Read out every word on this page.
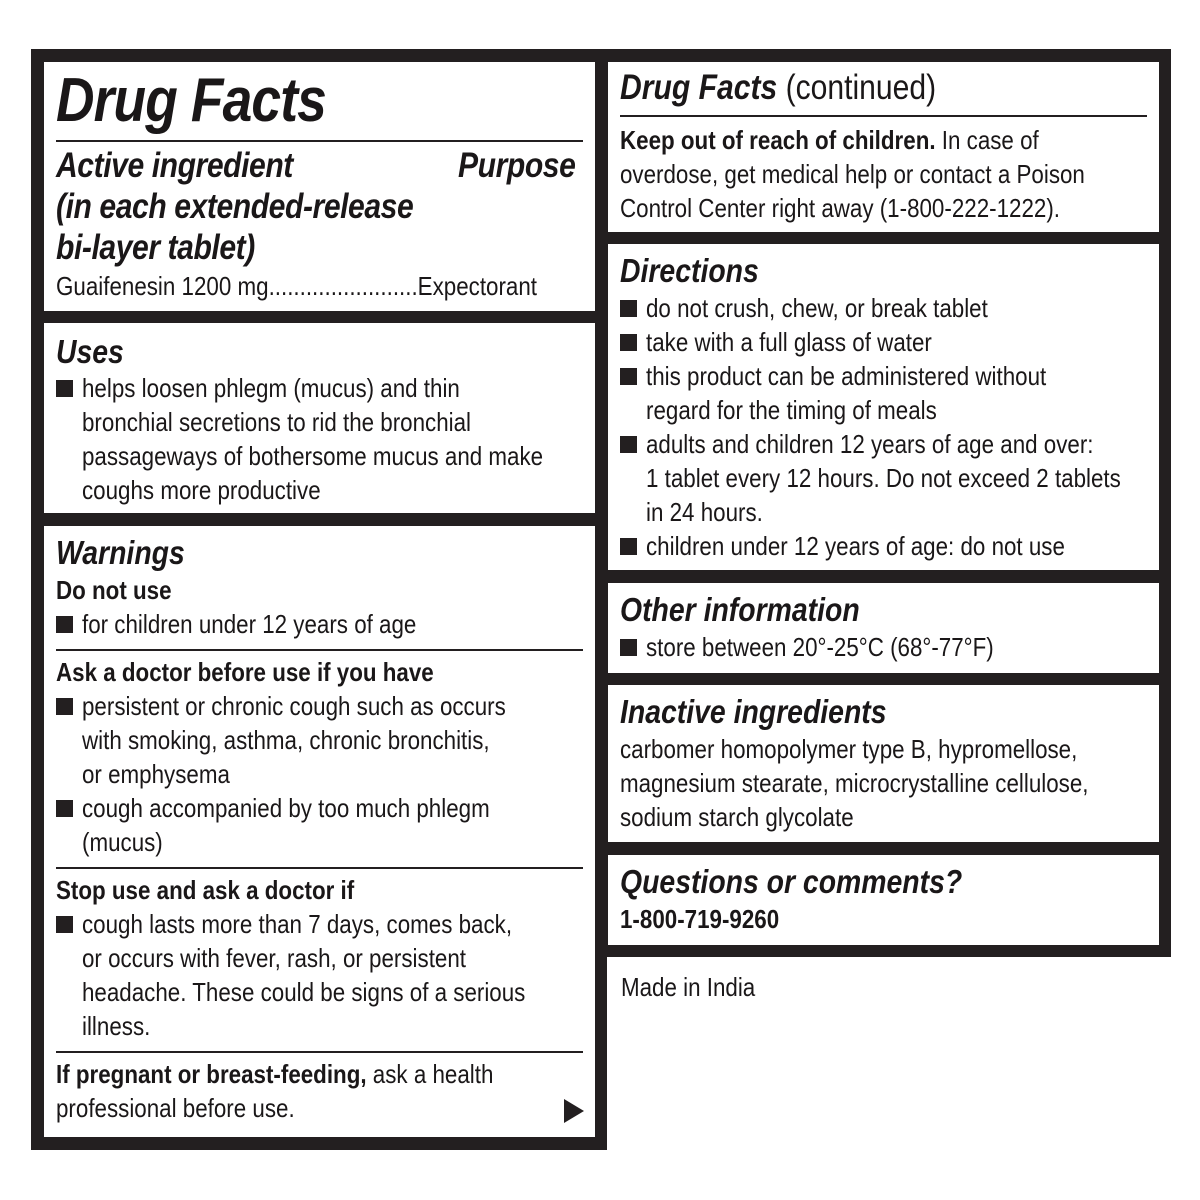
Drug Facts
Active ingredient	Purpose
(in each extended-release
bi-layer tablet)
Guaifenesin 1200 mg........................Expectorant
Uses
helps loosen phlegm (mucus) and thin
bronchial secretions to rid the bronchial
passageways of bothersome mucus and make
coughs more productive
Warnings
Do not use
for children under 12 years of age
Ask a doctor before use if you have
persistent or chronic cough such as occurs
with smoking, asthma, chronic bronchitis,
or emphysema
cough accompanied by too much phlegm
(mucus)
Stop use and ask a doctor if
cough lasts more than 7 days, comes back,
or occurs with fever, rash, or persistent
headache. These could be signs of a serious
illness.
If pregnant or breast-feeding, ask a health
professional before use.
Drug Facts (continued)
Keep out of reach of children. In case of
overdose, get medical help or contact a Poison
Control Center right away (1-800-222-1222).
Directions
do not crush, chew, or break tablet
take with a full glass of water
this product can be administered without
regard for the timing of meals
adults and children 12 years of age and over:
1 tablet every 12 hours. Do not exceed 2 tablets
in 24 hours.
children under 12 years of age: do not use
Other information
store between 20°-25°C (68°-77°F)
Inactive ingredients
carbomer homopolymer type B, hypromellose,
magnesium stearate, microcrystalline cellulose,
sodium starch glycolate
Questions or comments?
1-800-719-9260
Made in India
